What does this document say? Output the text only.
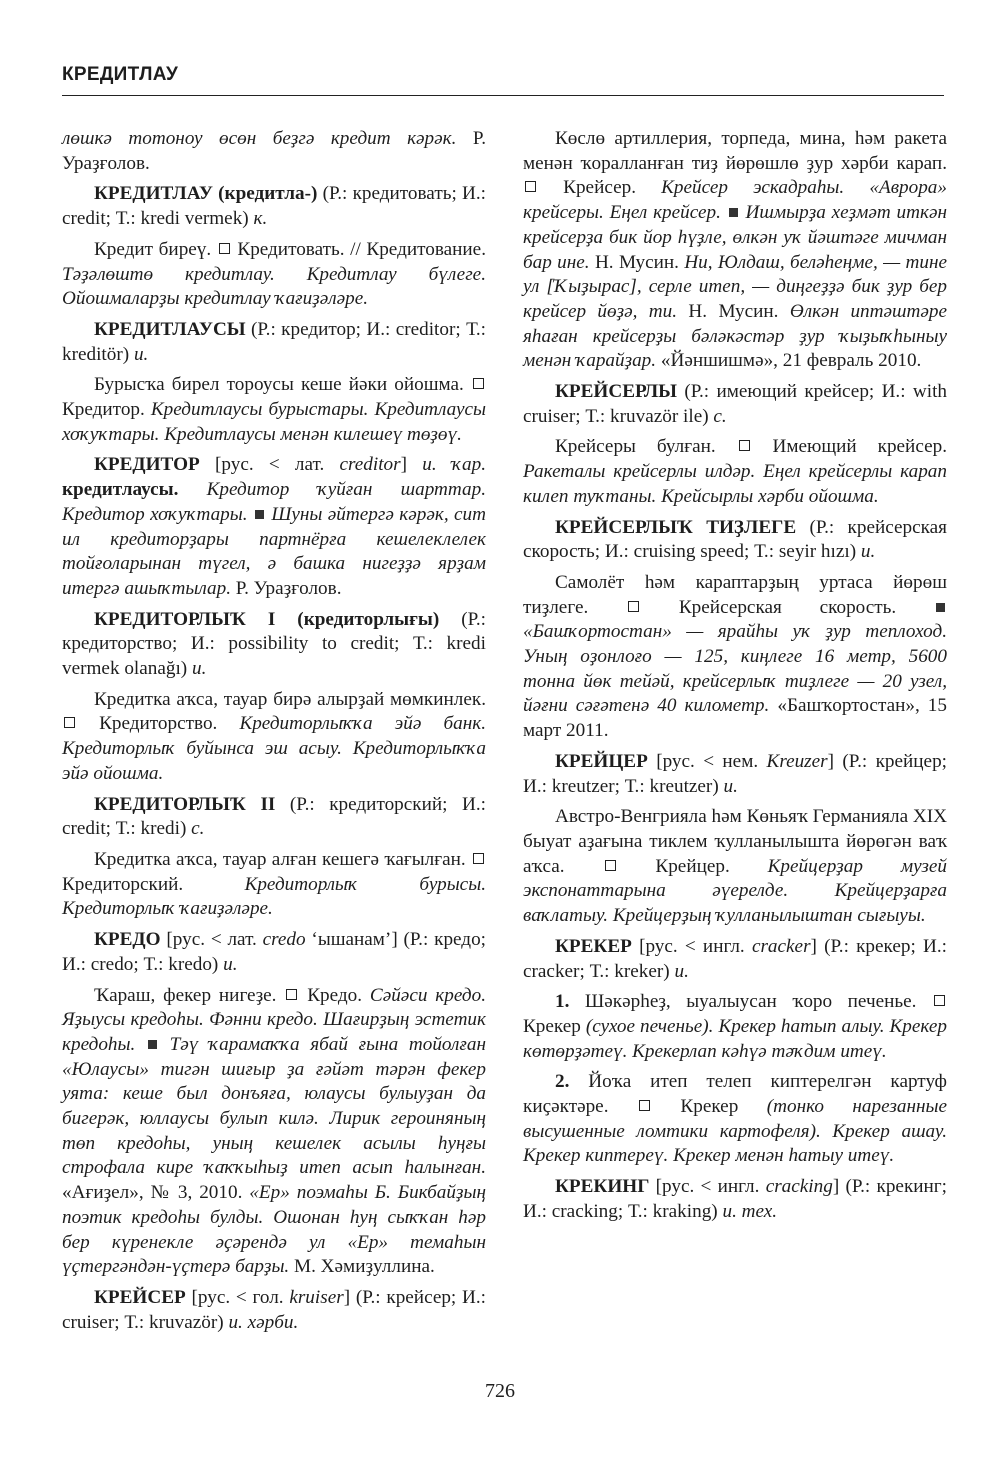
КРЕДИТЛАУ

лөшкә тотоноу өсөн беҙгә кредит кәрәк. Р. Ураҙғолов.

КРЕДИТЛАУ (кредитла-) (Р.: кредитовать; И.: credit; Т.: kredi vermek) к.

Кредит биреү.  Кредитовать. // Кредитование. Тәҙәлөштө кредитлау. Кредитлау бүлеге. Ойошмаларҙы кредитлау ҡағиҙәләре.

КРЕДИТЛАУСЫ (Р.: кредитор; И.: creditor; Т.: kreditör) и.

Бурысҡа бирел тороусы кеше йәки ойошма.  Кредитор. Кредитлаусы бурыстары. Кредитлаусы хоҡуҡтары. Кредитлаусы менән килешеү төҙөү.

КРЕДИТОР [рус. < лат. creditor] и. ҡар. кредитлаусы. Кредитор ҡуйған шарттар. Кредитор хоҡуҡтары.  Шуны әйтергә кәрәк, сит ил кредиторҙары партнёрға кешелеклелек тойғоларынан түгел, ә башка нигеҙҙә ярҙам итергә ашыҡтылар. Р. Ураҙғолов.

КРЕДИТОРЛЫҠ I (кредиторлығы) (Р.: кредиторство; И.: possibility to credit; Т.: kredi vermek olanağı) и.

Кредитка аҡса, тауар бирә алырҙай мөмкинлек.  Кредиторство. Кредиторлыҡҡа эйә банк. Кредиторлыҡ буйынса эш асыу. Кредиторлыҡҡа эйә ойошма.

КРЕДИТОРЛЫҠ II (Р.: кредиторский; И.: credit; Т.: kredi) с.

Кредитка аҡса, тауар алған кешегә ҡағылған.  Кредиторский. Кредиторлыҡ бурысы. Кредиторлыҡ ҡағиҙәләре.

КРЕДО [рус. < лат. credo ‘ышанам’] (Р.: кредо; И.: credo; Т.: kredo) и.

Ҡараш, фекер нигеҙе.  Кредо. Сәйәси кредо. Яҙыусы кредоһы. Фәнни кредо. Шағирҙың эстетик кредоһы.  Тәү ҡарамаҡҡа ябай ғына тойолған «Юлаусы» тигән шиғыр ҙа ғәйәт тәрән фекер уята: кеше был донъяға, юлаусы булыуҙан да бигерәк, юллаусы булып килә. Лирик героиняның төп кредоһы, уның кешелек асылы һуңғы строфала кире ҡаҡҡыһыҙ итеп асып һалынған. «Ағиҙел», № 3, 2010. «Ер» поэмаһы Б. Бикбайҙың поэтик кредоһы булды. Ошонан һуң сыҡҡан һәр бер күренекле әҫәрендә ул «Ер» темаһын үҫтергәндән-үҫтерә барҙы. М. Хәмиҙуллина.

КРЕЙСЕР [рус. < гол. kruiser] (Р.: крейсер; И.: cruiser; Т.: kruvazör) и. хәрби.

Көслө артиллерия, торпеда, мина, һәм ракета менән ҡоралланған тиҙ йөрөшлө ҙур хәрби карап.  Крейсер. Крейсер эскадраһы. «Аврора» крейсеры. Еңел крейсер.  Ишмырҙа хеҙмәт иткән крейсерҙа бик йор һүҙле, өлкән уҡ йәштәге мичман бар ине. Н. Мусин. Ни, Юлдаш, беләһеңме, — тине ул [Ҡыҙырас], серле итеп, — диңгеҙҙә бик ҙур бер крейсер йөҙә, ти. Н. Мусин. Өлкән иптәштәре яһаған крейсерҙы бәләкәстәр ҙур ҡыҙыҡһыныу менән ҡарайҙар. «Йәншишмә», 21 февраль 2010.

КРЕЙСЕРЛЫ (Р.: имеющий крейсер; И.: with cruiser; Т.: kruvazör ile) с.

Крейсеры булған.  Имеющий крейсер. Ракеталы крейсерлы илдәр. Еңел крейсерлы карап килеп туҡтаны. Крейсырлы хәрби ойошма.

КРЕЙСЕРЛЫҠ ТИҘЛЕГЕ (Р.: крейсерская скорость; И.: cruising speed; Т.: seyir hızı) и.

Самолёт һәм караптарҙың уртаса йөрөш тиҙлеге.  Крейсерская скорость.  «Башҡортостан» — ярайһы уҡ ҙур теплоход. Уның оҙонлоғо — 125, киңлеге 16 метр, 5600 тонна йөк тейәй, крейсерлыҡ тиҙлеге — 20 узел, йәғни сәғәтенә 40 километр. «Башҡортостан», 15 март 2011.

КРЕЙЦЕР [рус. < нем. Kreuzer] (Р.: крейцер; И.: kreutzer; Т.: kreutzer) и.

Австро-Венгрияла һәм Көньяҡ Германияла XIX быуат аҙағына тиклем ҡулланылышта йөрөгән ваҡ аҡса.  Крейцер. Крейцерҙар музей экспонаттарына әүерелде. Крейцерҙарға ваҡлатыу. Крейцерҙың ҡулланылыштан сығыуы.

КРЕКЕР [рус. < ингл. cracker] (Р.: крекер; И.: cracker; Т.: kreker) и.

1. Шәкәрһеҙ, ыуалыусан ҡоро печенье.  Крекер (сухое печенье). Крекер һатып алыу. Крекер көтөрҙәтеү. Крекерлап кәһүә тәҡдим итеү.

2. Йоҡа итеп телеп киптерелгән картуф киҫәктәре.  Крекер (тонко нарезанные высушенные ломтики картофеля). Крекер ашау. Крекер киптереү. Крекер менән һатыу итеү.

КРЕКИНГ [рус. < ингл. cracking] (Р.: крекинг; И.: cracking; Т.: kraking) и. тех.

726
